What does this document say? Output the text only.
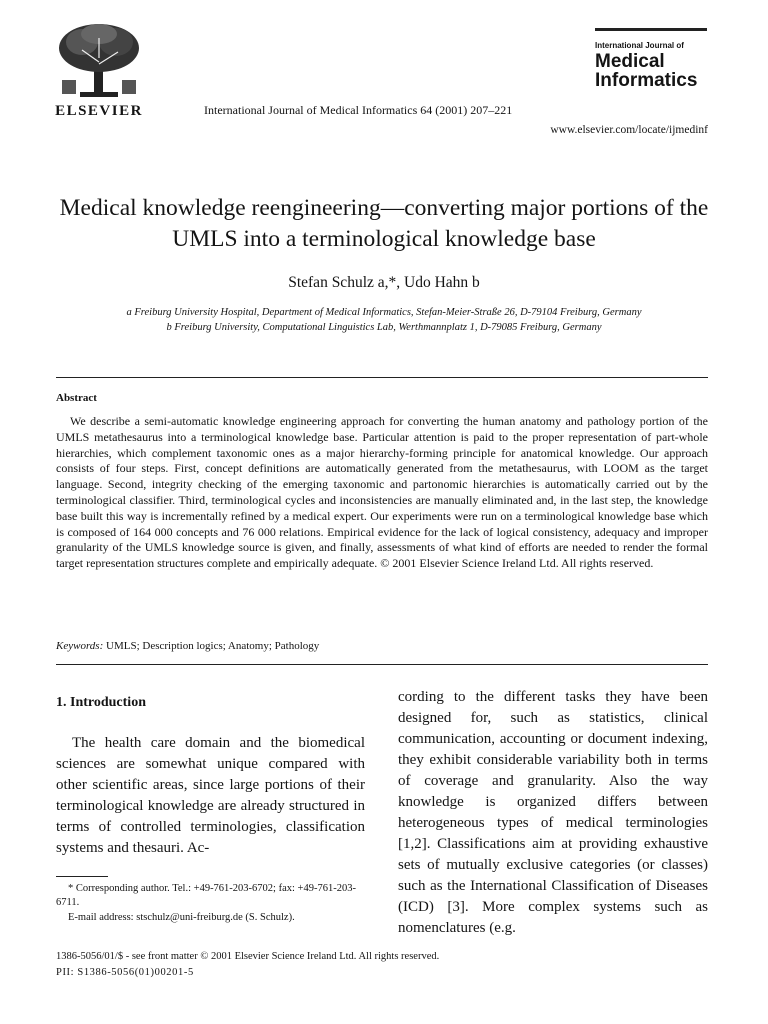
ELSEVIER	International Journal of Medical Informatics 64 (2001) 207–221
International Journal of
Medical
Informatics
www.elsevier.com/locate/ijmedinf
Medical knowledge reengineering—converting major portions of the UMLS into a terminological knowledge base
Stefan Schulz a,*, Udo Hahn b
a Freiburg University Hospital, Department of Medical Informatics, Stefan-Meier-Straße 26, D-79104 Freiburg, Germany
b Freiburg University, Computational Linguistics Lab, Werthmannplatz 1, D-79085 Freiburg, Germany
Abstract

We describe a semi-automatic knowledge engineering approach for converting the human anatomy and pathology portion of the UMLS metathesaurus into a terminological knowledge base. Particular attention is paid to the proper representation of part-whole hierarchies, which complement taxonomic ones as a major hierarchy-forming principle for anatomical knowledge. Our approach consists of four steps. First, concept definitions are automatically generated from the metathesaurus, with LOOM as the target language. Second, integrity checking of the emerging taxonomic and partonomic hierarchies is automatically carried out by the terminological classifier. Third, terminological cycles and inconsistencies are manually eliminated and, in the last step, the knowledge base built this way is incrementally refined by a medical expert. Our experiments were run on a terminological knowledge base which is composed of 164 000 concepts and 76 000 relations. Empirical evidence for the lack of logical consistency, adequacy and improper granularity of the UMLS knowledge source is given, and finally, assessments of what kind of efforts are needed to render the formal target representation structures complete and empirically adequate. © 2001 Elsevier Science Ireland Ltd. All rights reserved.

Keywords: UMLS; Description logics; Anatomy; Pathology
1. Introduction

The health care domain and the biomedical sciences are somewhat unique compared with other scientific areas, since large portions of their terminological knowledge are already structured in terms of controlled terminologies, classification systems and thesauri. Ac-

cording to the different tasks they have been designed for, such as statistics, clinical communication, accounting or document indexing, they exhibit considerable variability both in terms of coverage and granularity. Also the way knowledge is organized differs between heterogeneous types of medical terminologies [1,2]. Classifications aim at providing exhaustive sets of mutually exclusive categories (or classes) such as the International Classification of Diseases (ICD) [3]. More complex systems such as nomenclatures (e.g.

* Corresponding author. Tel.: +49-761-203-6702; fax: +49-761-203-6711.
E-mail address: stschulz@uni-freiburg.de (S. Schulz).
1386-5056/01/$ - see front matter © 2001 Elsevier Science Ireland Ltd. All rights reserved.
PII: S1386-5056(01)00201-5
